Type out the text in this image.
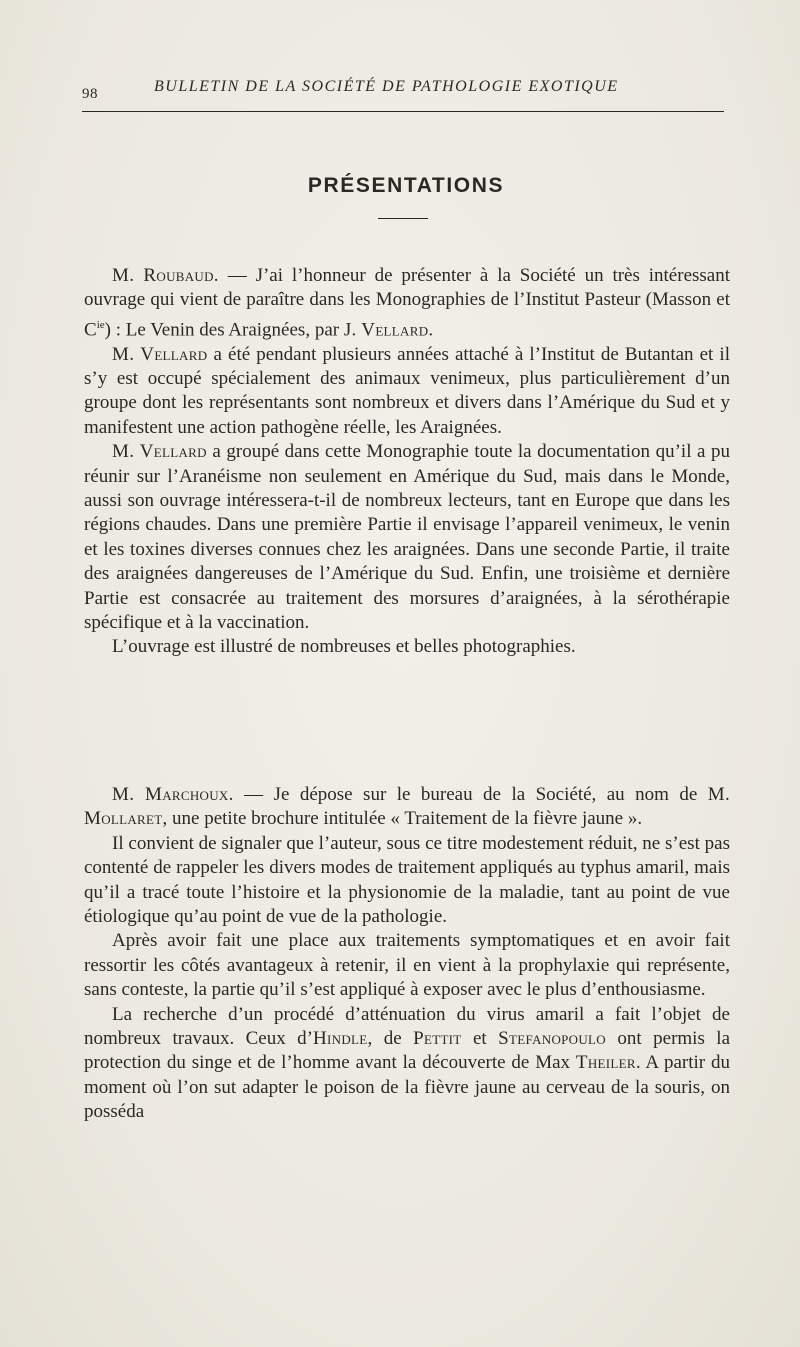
98	BULLETIN DE LA SOCIÉTÉ DE PATHOLOGIE EXOTIQUE
PRÉSENTATIONS

M. Roubaud. — J’ai l’honneur de présenter à la Société un très intéressant ouvrage qui vient de paraître dans les Monographies de l’Institut Pasteur (Masson et $C^{ie}$) : Le Venin des Araignées, par J. Vellard.

M. Vellard a été pendant plusieurs années attaché à l’Institut de Butantan et il s’y est occupé spécialement des animaux venimeux, plus particulièrement d’un groupe dont les représentants sont nombreux et divers dans l’Amérique du Sud et y manifestent une action pathogène réelle, les Araignées.

M. Vellard a groupé dans cette Monographie toute la documentation qu’il a pu réunir sur l’Aranéisme non seulement en Amérique du Sud, mais dans le Monde, aussi son ouvrage intéressera-t-il de nombreux lecteurs, tant en Europe que dans les régions chaudes. Dans une première Partie il envisage l’appareil venimeux, le venin et les toxines diverses connues chez les araignées. Dans une seconde Partie, il traite des araignées dangereuses de l’Amérique du Sud. Enfin, une troisième et dernière Partie est consacrée au traitement des morsures d’araignées, à la sérothérapie spécifique et à la vaccination.

L’ouvrage est illustré de nombreuses et belles photographies.

M. Marchoux. — Je dépose sur le bureau de la Société, au nom de M. Mollaret, une petite brochure intitulée « Traitement de la fièvre jaune ».

Il convient de signaler que l’auteur, sous ce titre modestement réduit, ne s’est pas contenté de rappeler les divers modes de traitement appliqués au typhus amaril, mais qu’il a tracé toute l’histoire et la physionomie de la maladie, tant au point de vue étiologique qu’au point de vue de la pathologie.

Après avoir fait une place aux traitements symptomatiques et en avoir fait ressortir les côtés avantageux à retenir, il en vient à la prophylaxie qui représente, sans conteste, la partie qu’il s’est appliqué à exposer avec le plus d’enthousiasme.

La recherche d’un procédé d’atténuation du virus amaril a fait l’objet de nombreux travaux. Ceux d’Hindle, de Pettit et Stefanopoulo ont permis la protection du singe et de l’homme avant la découverte de Max Theiler. A partir du moment où l’on sut adapter le poison de la fièvre jaune au cerveau de la souris, on posséda
